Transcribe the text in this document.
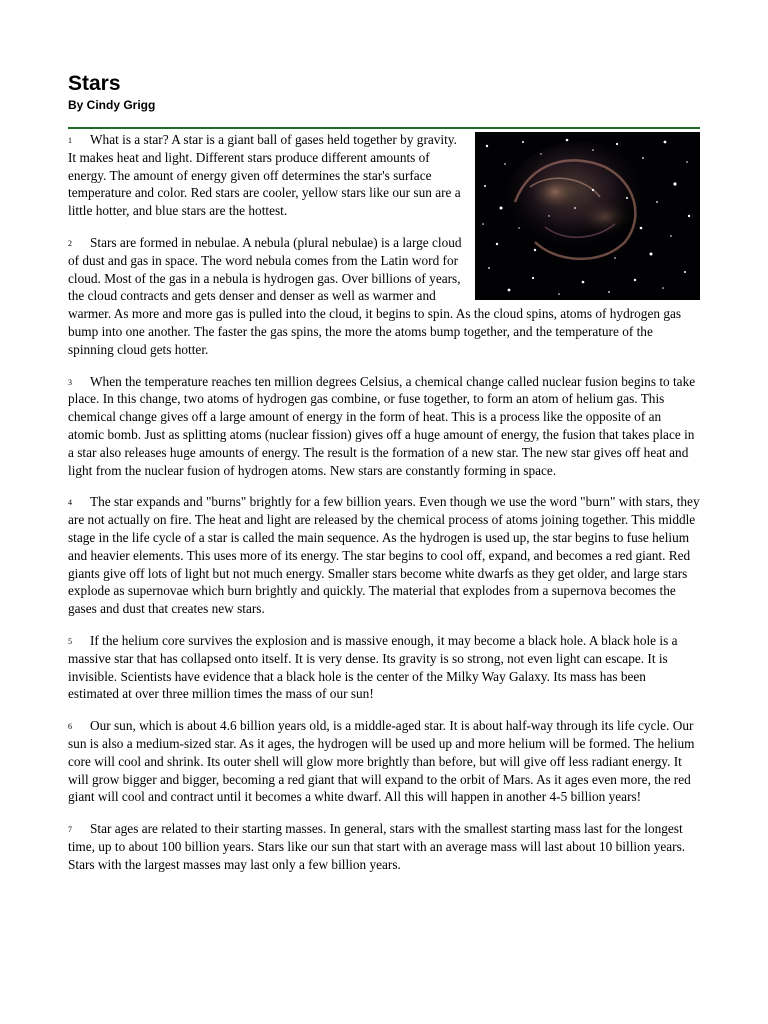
Stars
By Cindy Grigg

1 What is a star? A star is a giant ball of gases held together by gravity. It makes heat and light. Different stars produce different amounts of energy. The amount of energy given off determines the star's surface temperature and color. Red stars are cooler, yellow stars like our sun are a little hotter, and blue stars are the hottest.

2 Stars are formed in nebulae. A nebula (plural nebulae) is a large cloud of dust and gas in space. The word nebula comes from the Latin word for cloud. Most of the gas in a nebula is hydrogen gas. Over billions of years, the cloud contracts and gets denser and denser as well as warmer and warmer. As more and more gas is pulled into the cloud, it begins to spin. As the cloud spins, atoms of hydrogen gas bump into one another. The faster the gas spins, the more the atoms bump together, and the temperature of the spinning cloud gets hotter.

3 When the temperature reaches ten million degrees Celsius, a chemical change called nuclear fusion begins to take place. In this change, two atoms of hydrogen gas combine, or fuse together, to form an atom of helium gas. This chemical change gives off a large amount of energy in the form of heat. This is a process like the opposite of an atomic bomb. Just as splitting atoms (nuclear fission) gives off a huge amount of energy, the fusion that takes place in a star also releases huge amounts of energy. The result is the formation of a new star. The new star gives off heat and light from the nuclear fusion of hydrogen atoms. New stars are constantly forming in space.

4 The star expands and "burns" brightly for a few billion years. Even though we use the word "burn" with stars, they are not actually on fire. The heat and light are released by the chemical process of atoms joining together. This middle stage in the life cycle of a star is called the main sequence. As the hydrogen is used up, the star begins to fuse helium and heavier elements. This uses more of its energy. The star begins to cool off, expand, and becomes a red giant. Red giants give off lots of light but not much energy. Smaller stars become white dwarfs as they get older, and large stars explode as supernovae which burn brightly and quickly. The material that explodes from a supernova becomes the gases and dust that creates new stars.

5 If the helium core survives the explosion and is massive enough, it may become a black hole. A black hole is a massive star that has collapsed onto itself. It is very dense. Its gravity is so strong, not even light can escape. It is invisible. Scientists have evidence that a black hole is the center of the Milky Way Galaxy. Its mass has been estimated at over three million times the mass of our sun!

6 Our sun, which is about 4.6 billion years old, is a middle-aged star. It is about half-way through its life cycle. Our sun is also a medium-sized star. As it ages, the hydrogen will be used up and more helium will be formed. The helium core will cool and shrink. Its outer shell will glow more brightly than before, but will give off less radiant energy. It will grow bigger and bigger, becoming a red giant that will expand to the orbit of Mars. As it ages even more, the red giant will cool and contract until it becomes a white dwarf. All this will happen in another 4-5 billion years!

7 Star ages are related to their starting masses. In general, stars with the smallest starting mass last for the longest time, up to about 100 billion years. Stars like our sun that start with an average mass will last about 10 billion years. Stars with the largest masses may last only a few billion years.
